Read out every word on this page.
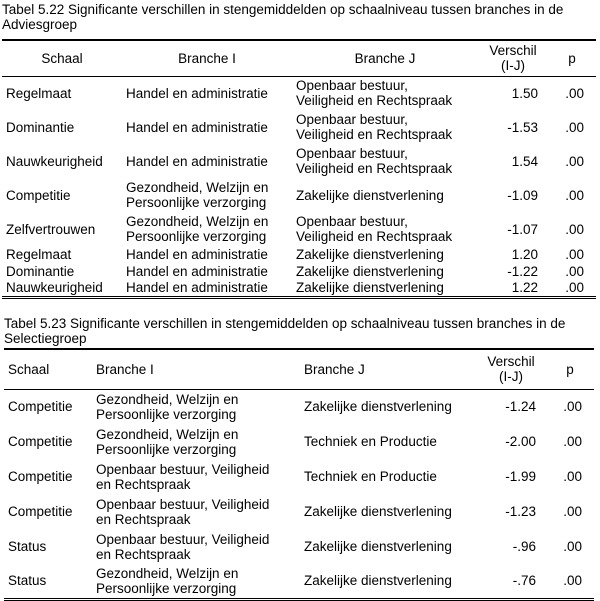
Tabel 5.22 Significante verschillen in stengemiddelden op schaalniveau tussen branches in de Adviesgroep
Schaal	Branche I	Branche J	Verschil
(I-J)	p
Regelmaat	Handel en administratie	Openbaar bestuur,
Veiligheid en Rechtspraak	1.50	.00
Dominantie	Handel en administratie	Openbaar bestuur,
Veiligheid en Rechtspraak	-1.53	.00
Nauwkeurigheid	Handel en administratie	Openbaar bestuur,
Veiligheid en Rechtspraak	1.54	.00
Competitie	Gezondheid, Welzijn en
Persoonlijke verzorging	Zakelijke dienstverlening	-1.09	.00
Zelfvertrouwen	Gezondheid, Welzijn en
Persoonlijke verzorging	Openbaar bestuur,
Veiligheid en Rechtspraak	-1.07	.00
Regelmaat	Handel en administratie	Zakelijke dienstverlening	1.20	.00
Dominantie	Handel en administratie	Zakelijke dienstverlening	-1.22	.00
Nauwkeurigheid	Handel en administratie	Zakelijke dienstverlening	1.22	.00
Tabel 5.23 Significante verschillen in stengemiddelden op schaalniveau tussen branches in de Selectiegroep
Schaal	Branche I	Branche J	Verschil
(I-J)	p
Competitie	Gezondheid, Welzijn en
Persoonlijke verzorging	Zakelijke dienstverlening	-1.24	.00
Competitie	Gezondheid, Welzijn en
Persoonlijke verzorging	Techniek en Productie	-2.00	.00
Competitie	Openbaar bestuur, Veiligheid
en Rechtspraak	Techniek en Productie	-1.99	.00
Competitie	Openbaar bestuur, Veiligheid
en Rechtspraak	Zakelijke dienstverlening	-1.23	.00
Status	Openbaar bestuur, Veiligheid
en Rechtspraak	Zakelijke dienstverlening	-.96	.00
Status	Gezondheid, Welzijn en
Persoonlijke verzorging	Zakelijke dienstverlening	-.76	.00
